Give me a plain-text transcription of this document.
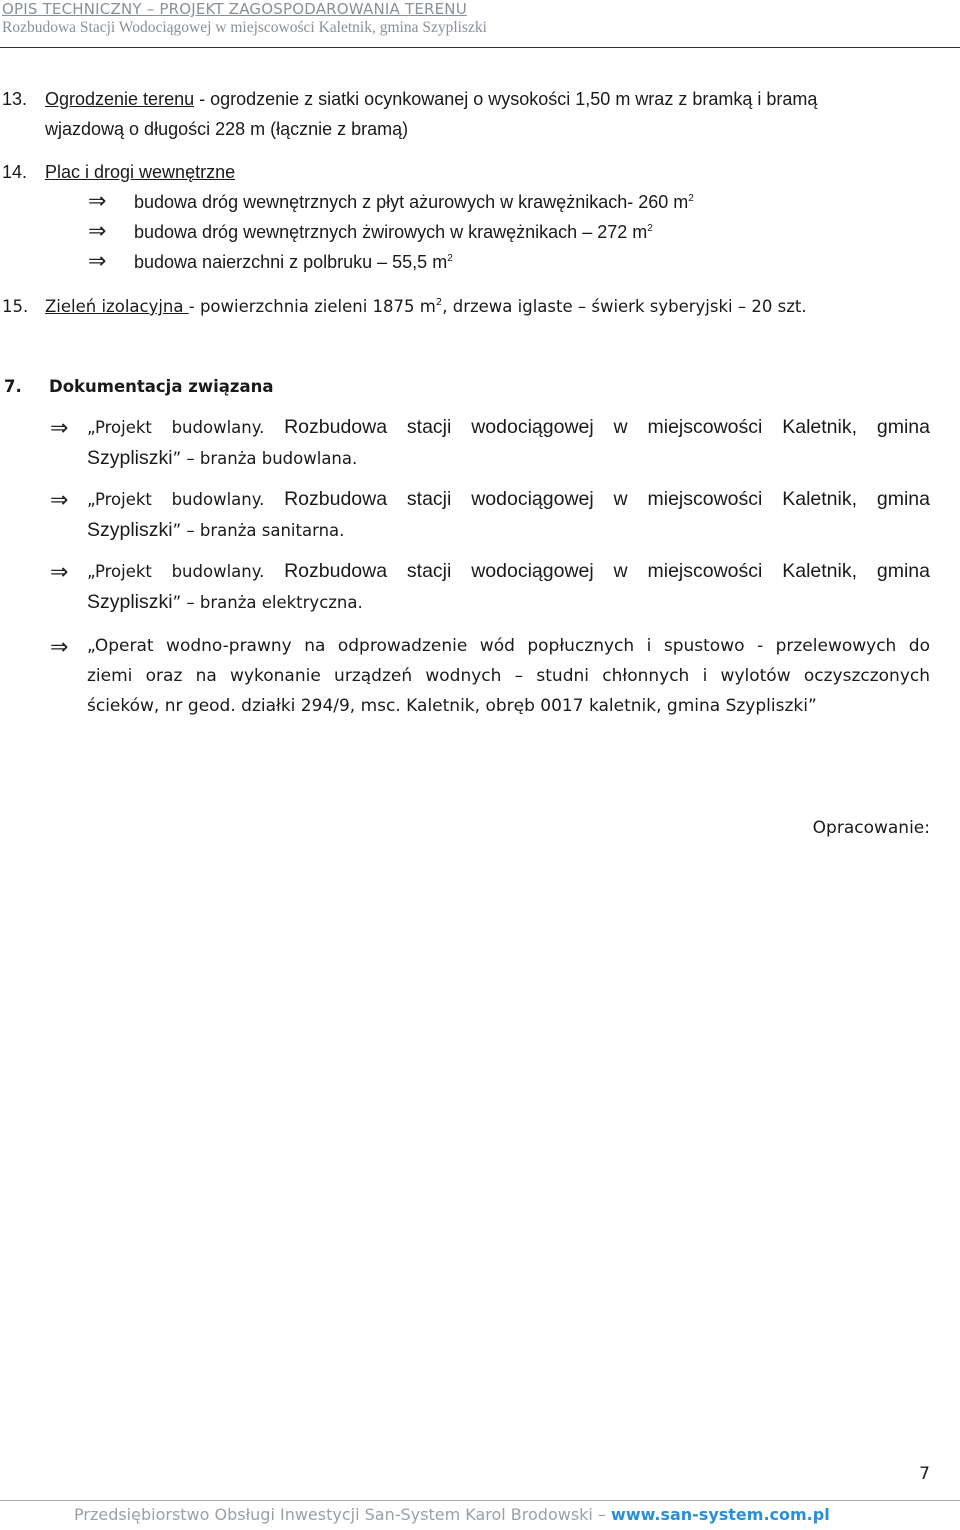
OPIS TECHNICZNY – PROJEKT ZAGOSPODAROWANIA TERENU
Rozbudowa Stacji Wodociągowej w miejscowości Kaletnik, gmina Szypliszki
13. Ogrodzenie terenu - ogrodzenie z siatki ocynkowanej o wysokości 1,50 m wraz z bramką i bramą
wjazdową o długości 228 m (łącznie z bramą)
14. Plac i drogi wewnętrzne
⇒ budowa dróg wewnętrznych z płyt ażurowych w krawężnikach- 260 $m^2$
⇒ budowa dróg wewnętrznych żwirowych w krawężnikach – 272 $m^2$
⇒ budowa naierzchni z polbruku – 55,5 $m^2$
15. Zieleń izolacyjna - powierzchnia zieleni 1875 $m^2$, drzewa iglaste – świerk syberyjski – 20 szt.
7. Dokumentacja związana
⇒ „Projekt budowlany. Rozbudowa stacji wodociągowej w miejscowości Kaletnik, gmina
Szypliszki” – branża budowlana.
⇒ „Projekt budowlany. Rozbudowa stacji wodociągowej w miejscowości Kaletnik, gmina
Szypliszki” – branża sanitarna.
⇒ „Projekt budowlany. Rozbudowa stacji wodociągowej w miejscowości Kaletnik, gmina
Szypliszki” – branża elektryczna.
⇒ „Operat wodno-prawny na odprowadzenie wód popłucznych i spustowo - przelewowych do
ziemi oraz na wykonanie urządzeń wodnych – studni chłonnych i wylotów oczyszczonych
ścieków, nr geod. działki 294/9, msc. Kaletnik, obręb 0017 kaletnik, gmina Szypliszki”
Opracowanie:
7
Przedsiębiorstwo Obsługi Inwestycji San-System Karol Brodowski – www.san-system.com.pl
